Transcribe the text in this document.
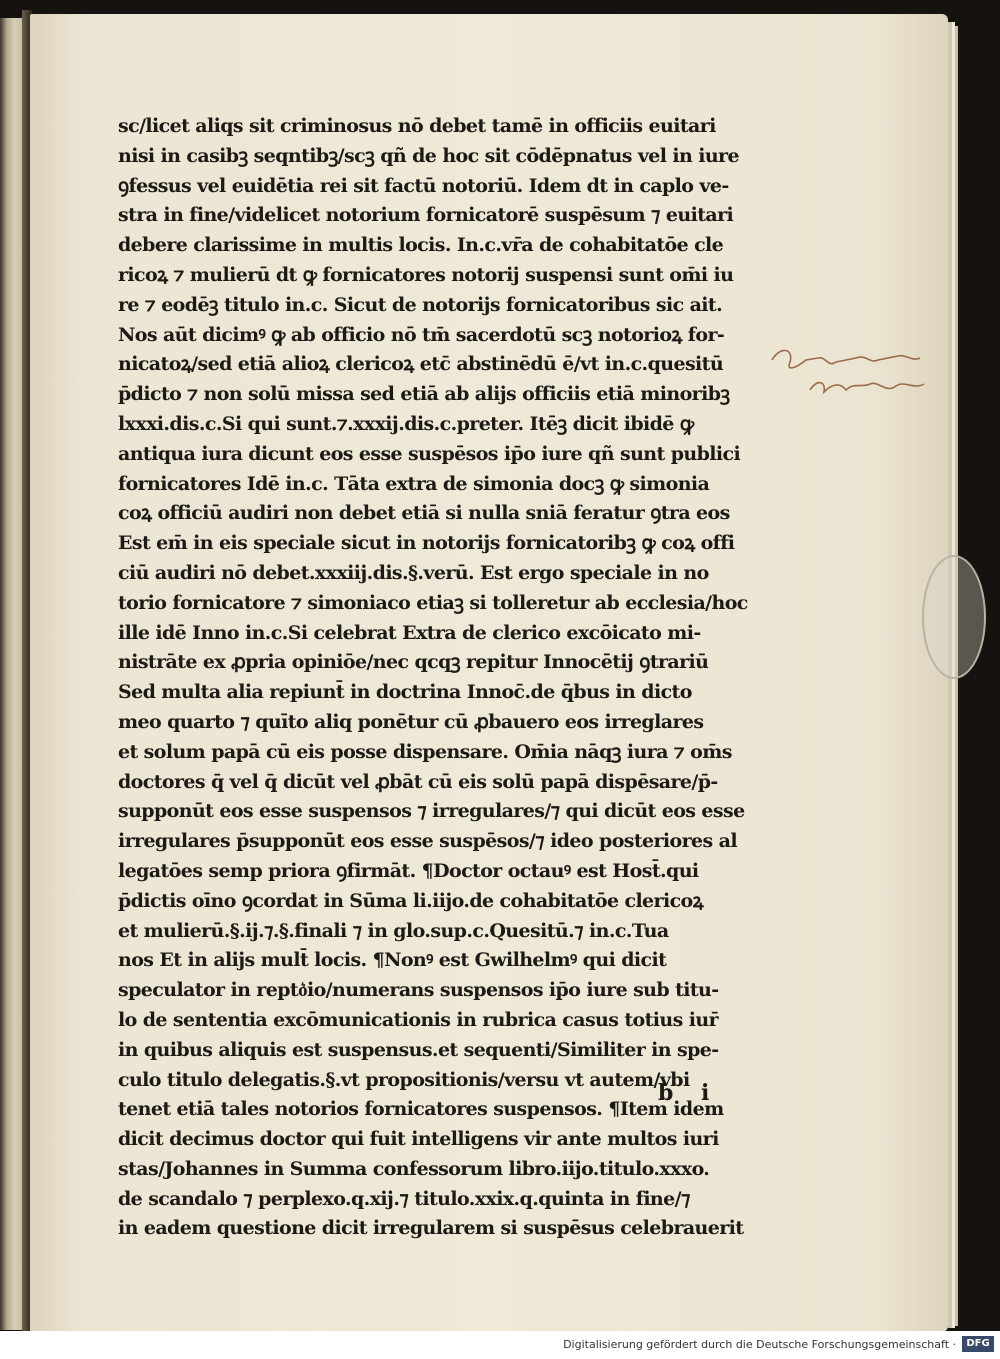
sc/licet aliqs sit criminosus nō debet tamē in officiis euitari
nisi in casibꝫ seqntibꝫ/scꝫ qñ de hoc sit cōdēpnatus vel in iure
ꝯfessus vel euidētia rei sit factū notoriū. Idem dt in caplo ve-
stra in fine/videlicet notorium fornicatorē suspēsum ⁊ euitari
debere clarissime in multis locis. In.c.vr̄a de cohabitatōe cle
ricoꝝ ⁊ mulierū dt ꝙ fornicatores notorij suspensi sunt om̄i iu
re ⁊ eodēꝫ titulo in.c. Sicut de notorijs fornicatoribus sic ait.
Nos aūt dicimꝰ ꝙ ab officio nō tm̄ sacerdotū scꝫ notorioꝝ for-
nicatoꝝ/sed etiā alioꝝ clericoꝝ etc̄ abstinēdū ē/vt in.c.quesitū
p̄dicto ⁊ non solū missa sed etiā ab alijs officiis etiā minoribꝫ
lxxxi.dis.c.Si qui sunt.⁊.xxxij.dis.c.preter. Itēꝫ dicit ibidē ꝙ
antiqua iura dicunt eos esse suspēsos ip̄o iure qñ sunt publici
fornicatores Idē in.c. Tāta extra de simonia docꝫ ꝙ simonia
coꝝ officiū audiri non debet etiā si nulla sniā feratur ꝯtra eos
Est em̄ in eis speciale sicut in notorijs fornicatoribꝫ ꝙ coꝝ offi
ciū audiri nō debet.xxxiij.dis.§.verū. Est ergo speciale in no
torio fornicatore ⁊ simoniaco etiaꝫ si tolleretur ab ecclesia/hoc
ille idē Inno in.c.Si celebrat Extra de clerico excōicato mi-
nistrāte ex ꝓpria opiniōe/nec qcqꝫ repitur Innocētij ꝯtrariū
Sed multa alia repiunt̄ in doctrina Innoc̄.de q̄bus in dicto
meo quarto ⁊ quīto aliq ponētur cū ꝓbauero eos irreglares
et solum papā cū eis posse dispensare. Om̄ia nāqꝫ iura ⁊ om̄s
doctores q̄ vel q̄ dicūt vel ꝓbāt cū eis solū papā dispēsare/p̄-
supponūt eos esse suspensos ⁊ irregulares/⁊ qui dicūt eos esse
irregulares p̄supponūt eos esse suspēsos/⁊ ideo posteriores al
legatōes semp priora ꝯfirmāt. ¶Doctor octauꝰ est Host̄.qui
p̄dictis oīno ꝯcordat in Sūma li.iijo.de cohabitatōe clericoꝝ
et mulierū.§.ij.⁊.§.finali ⁊ in glo.sup.c.Quesitū.⁊ in.c.Tua
nos Et in alijs mult̄ locis. ¶Nonꝰ est Gwilhelmꝰ qui dicit
speculator in repto͛io/numerans suspensos ip̄o iure sub titu-
lo de sententia excōmunicationis in rubrica casus totius iur̄
in quibus aliquis est suspensus.et sequenti/Similiter in spe-
culo titulo delegatis.§.vt propositionis/versu vt autem/vbi
tenet etiā tales notorios fornicatores suspensos. ¶Item idem
dicit decimus doctor qui fuit intelligens vir ante multos iuri
stas/Johannes in Summa confessorum libro.iijo.titulo.xxxo.
de scandalo ⁊ perplexo.q.xij.⁊ titulo.xxix.q.quinta in fine/⁊
in eadem questione dicit irregularem si suspēsus celebrauerit
b i
Digitalisierung gefördert durch die Deutsche Forschungsgemeinschaft ·	DFG
